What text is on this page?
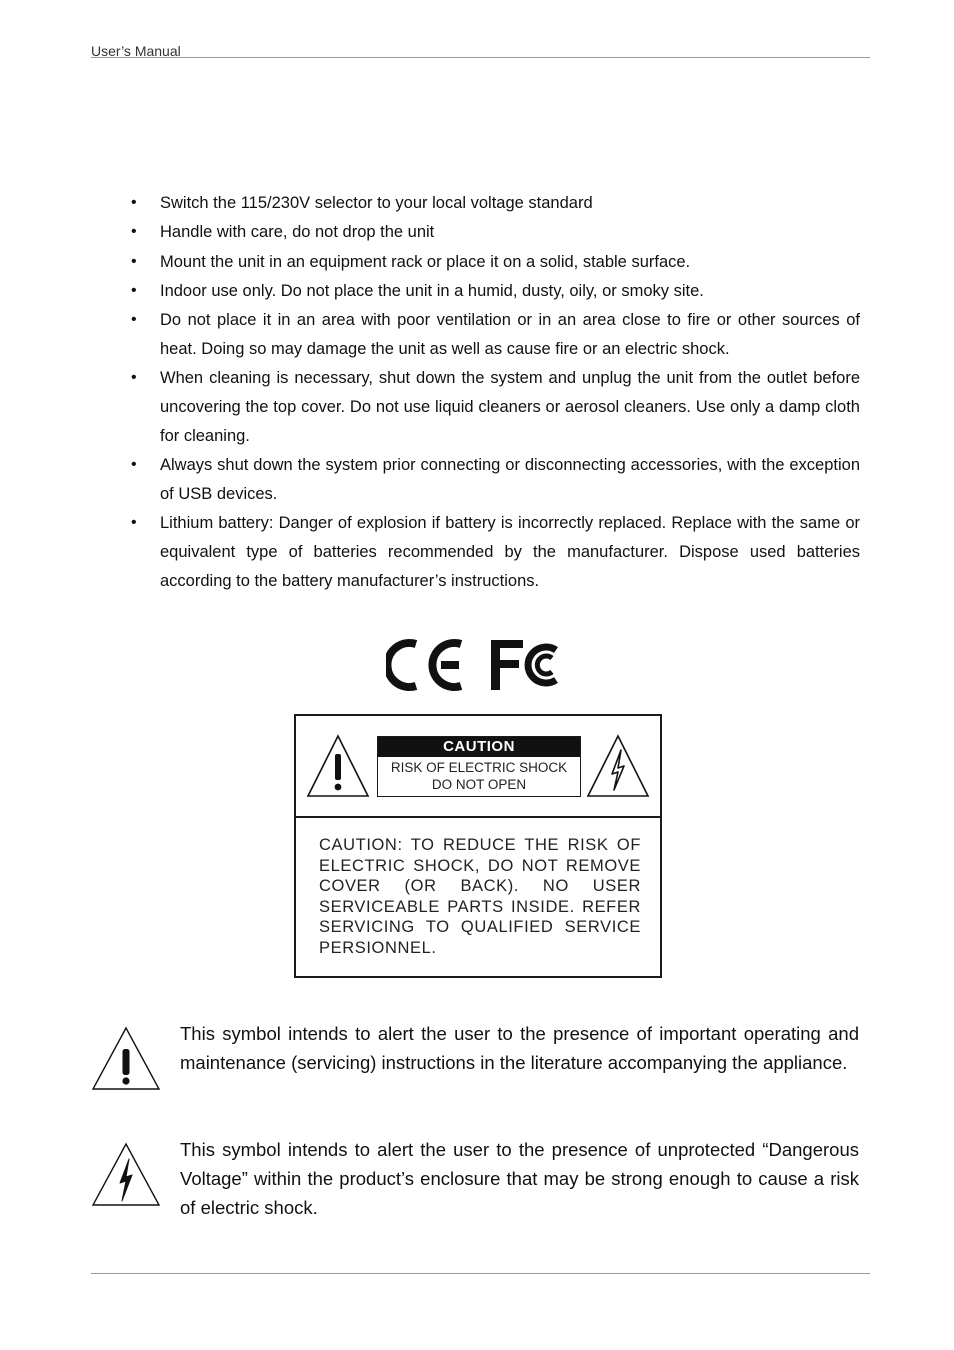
User’s Manual
• Switch the 115/230V selector to your local voltage standard
• Handle with care, do not drop the unit
• Mount the unit in an equipment rack or place it on a solid, stable surface.
• Indoor use only. Do not place the unit in a humid, dusty, oily, or smoky site.
• Do not place it in an area with poor ventilation or in an area close to fire or other sources of heat. Doing so may damage the unit as well as cause fire or an electric shock.
• When cleaning is necessary, shut down the system and unplug the unit from the outlet before uncovering the top cover. Do not use liquid cleaners or aerosol cleaners. Use only a damp cloth for cleaning.
• Always shut down the system prior connecting or disconnecting accessories, with the exception of USB devices.
• Lithium battery: Danger of explosion if battery is incorrectly replaced. Replace with the same or equivalent type of batteries recommended by the manufacturer. Dispose used batteries according to the battery manufacturer’s instructions.
CAUTION
RISK OF ELECTRIC SHOCK
DO NOT OPEN
CAUTION: TO REDUCE THE RISK OF ELECTRIC SHOCK, DO NOT REMOVE COVER (OR BACK). NO USER SERVICEABLE PARTS INSIDE. REFER SERVICING TO QUALIFIED SERVICE PERSIONNEL.
This symbol intends to alert the user to the presence of important operating and maintenance (servicing) instructions in the literature accompanying the appliance.
This symbol intends to alert the user to the presence of unprotected “Dangerous Voltage” within the product’s enclosure that may be strong enough to cause a risk of electric shock.
